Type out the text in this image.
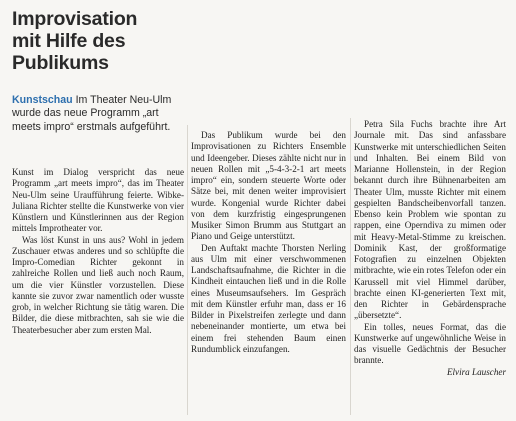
Improvisation
mit Hilfe des
Publikums
Kunstschau Im Theater Neu-Ulm wurde das neue Programm „art meets impro“ erstmals aufgeführt.

Kunst im Dialog verspricht das neue Programm „art meets impro“, das im Theater Neu-Ulm seine Uraufführung feierte. Wibke-Juliana Richter stellte die Kunstwerke von vier Künstlern und Künstlerinnen aus der Region mittels Improtheater vor.

Was löst Kunst in uns aus? Wohl in jedem Zuschauer etwas anderes und so schlüpfte die Impro-Comedian Richter gekonnt in zahlreiche Rollen und ließ auch noch Raum, um die vier Künstler vorzustellen. Diese kannte sie zuvor zwar namentlich oder wusste grob, in welcher Richtung sie tätig waren. Die Bilder, die diese mitbrachten, sah sie wie die Theaterbesucher aber zum ersten Mal.

Das Publikum wurde bei den Improvisationen zu Richters Ensemble und Ideengeber. Dieses zählte nicht nur in neuen Rollen mit „5-4-3-2-1 art meets impro“ ein, sondern steuerte Worte oder Sätze bei, mit denen weiter improvisiert wurde. Kongenial wurde Richter dabei von dem kurzfristig eingesprungenen Musiker Simon Brumm aus Stuttgart an Piano und Geige unterstützt.

Den Auftakt machte Thorsten Nerling aus Ulm mit einer verschwommenen Landschaftsaufnahme, die Richter in die Kindheit eintauchen ließ und in die Rolle eines Museumsaufsehers. Im Gespräch mit dem Künstler erfuhr man, dass er 16 Bilder in Pixelstreifen zerlegte und dann nebeneinander montierte, um etwa bei einem frei stehenden Baum einen Rundumblick einzufangen.

Petra Sila Fuchs brachte ihre Art Journale mit. Das sind anfassbare Kunstwerke mit unterschiedlichen Seiten und Inhalten. Bei einem Bild von Marianne Hollenstein, in der Region bekannt durch ihre Bühnenarbeiten am Theater Ulm, musste Richter mit einem gespielten Bandscheibenvorfall tanzen. Ebenso kein Problem wie spontan zu rappen, eine Operndiva zu mimen oder mit Heavy-Metal-Stimme zu kreischen. Dominik Kast, der großformatige Fotografien zu einzelnen Objekten mitbrachte, wie ein rotes Telefon oder ein Karussell mit viel Himmel darüber, brachte einen KI-generierten Text mit, den Richter in Gebärdensprache „übersetzte“.

Ein tolles, neues Format, das die Kunstwerke auf ungewöhnliche Weise in das visuelle Gedächtnis der Besucher brannte.

Elvira Lauscher
